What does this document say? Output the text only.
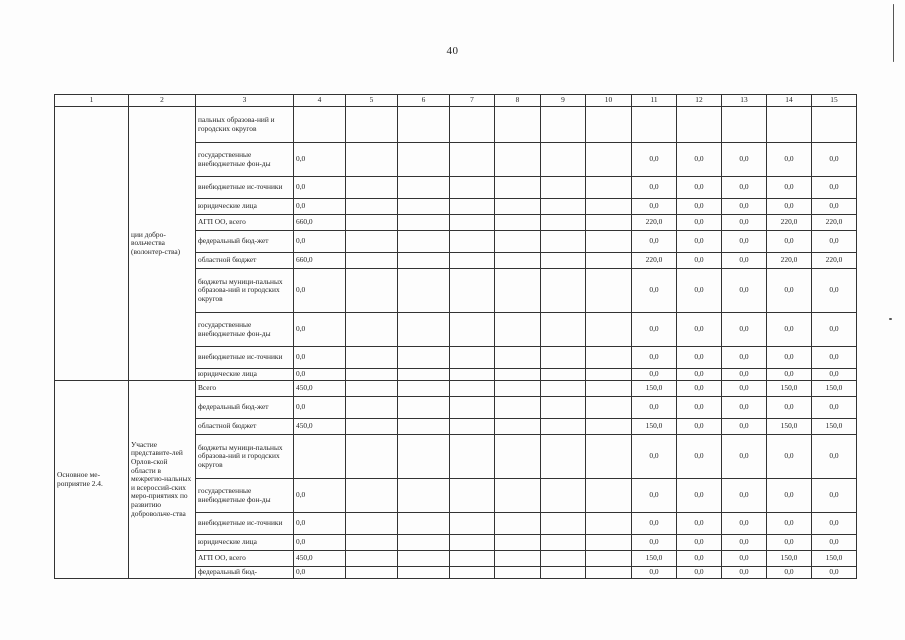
40
1	2	3	4	5	6	7	8	9	10	11	12	13	14	15
	ции добро-вольчества (волонтер-ства)	пальных образова-ний и городских округов												
		государственные внебюджетные фон-ды	0,0							0,0	0,0	0,0	0,0	0,0
		внебюджетные ис-точники	0,0							0,0	0,0	0,0	0,0	0,0
		юридические лица	0,0							0,0	0,0	0,0	0,0	0,0
		АГП ОО, всего	660,0							220,0	0,0	0,0	220,0	220,0
		федеральный бюд-жет	0,0							0,0	0,0	0,0	0,0	0,0
		областной бюджет	660,0							220,0	0,0	0,0	220,0	220,0
		бюджеты муници-пальных образова-ний и городских округов	0,0							0,0	0,0	0,0	0,0	0,0
		государственные внебюджетные фон-ды	0,0							0,0	0,0	0,0	0,0	0,0
		внебюджетные ис-точники	0,0							0,0	0,0	0,0	0,0	0,0
		юридические лица	0,0							0,0	0,0	0,0	0,0	0,0
Основное ме-роприятие 2.4.	Участие представите-лей Орлов-ской области в межрегио-нальных и всероссий-ских меро-приятиях по развитию добровольче-ства	Всего	450,0							150,0	0,0	0,0	150,0	150,0
		федеральный бюд-жет	0,0							0,0	0,0	0,0	0,0	0,0
		областной бюджет	450,0							150,0	0,0	0,0	150,0	150,0
		бюджеты муници-пальных образова-ний и городских округов								0,0	0,0	0,0	0,0	0,0
		государственные внебюджетные фон-ды	0,0							0,0	0,0	0,0	0,0	0,0
		внебюджетные ис-точники	0,0							0,0	0,0	0,0	0,0	0,0
		юридические лица	0,0							0,0	0,0	0,0	0,0	0,0
		АГП ОО, всего	450,0							150,0	0,0	0,0	150,0	150,0
		федеральный бюд-	0,0							0,0	0,0	0,0	0,0	0,0
